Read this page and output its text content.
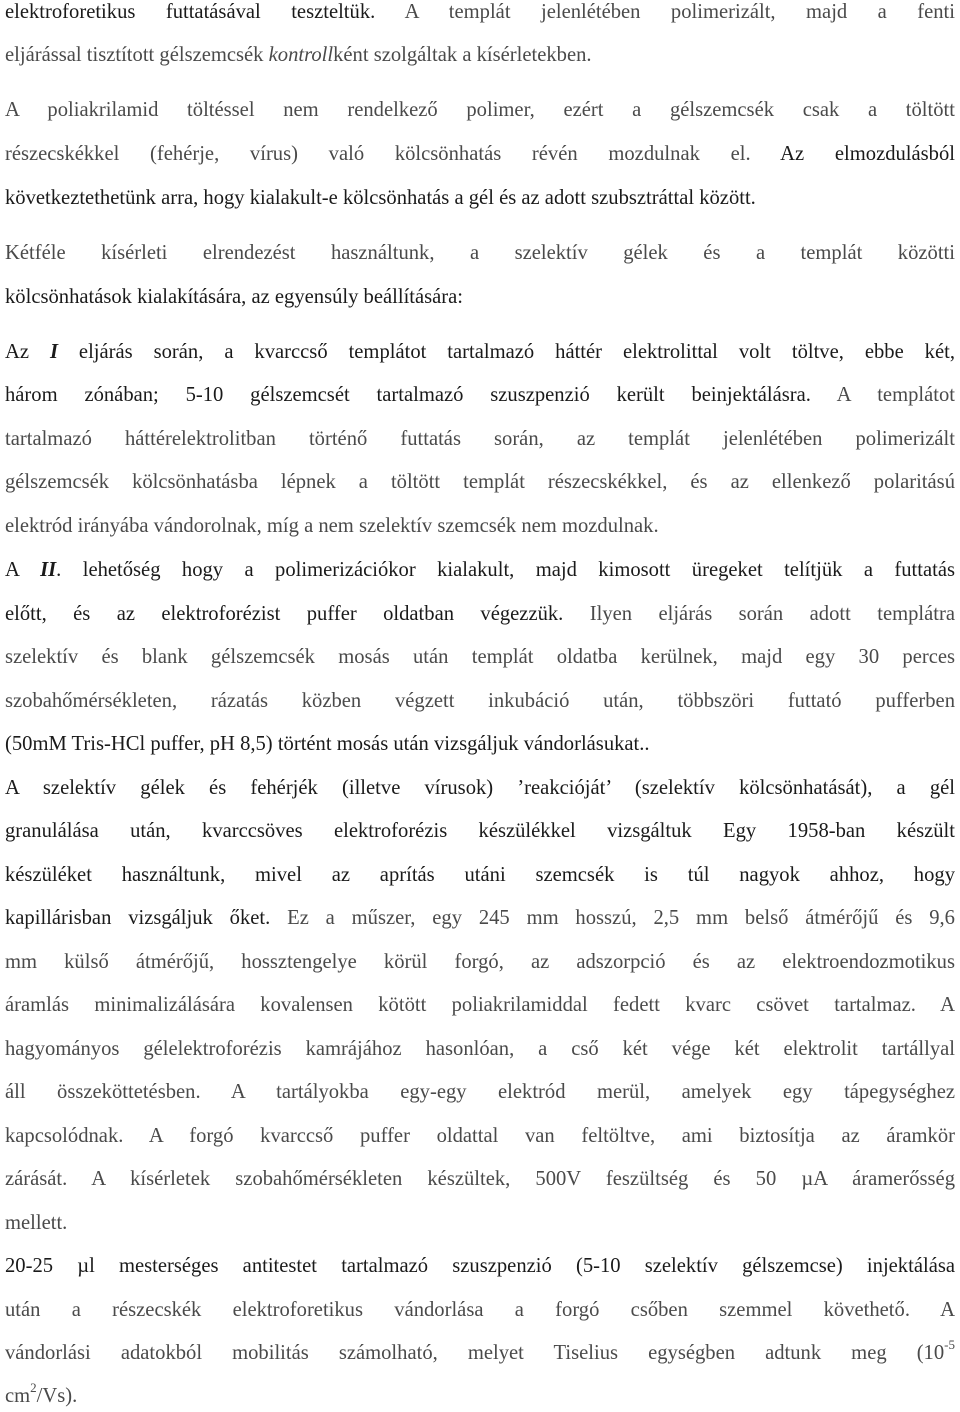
elektroforetikus futtatásával teszteltük. A templát jelenlétében polimerizált, majd a fenti
eljárással tisztított gélszemcsék kontrollként szolgáltak a kísérletekben.
A poliakrilamid töltéssel nem rendelkező polimer, ezért a gélszemcsék csak a töltött
részecskékkel (fehérje, vírus) való kölcsönhatás révén mozdulnak el. Az elmozdulásból
következtethetünk arra, hogy kialakult-e kölcsönhatás a gél és az adott szubsztráttal között.
Kétféle kísérleti elrendezést használtunk, a szelektív gélek és a templát közötti
kölcsönhatások kialakítására, az egyensúly beállítására:
Az I eljárás során, a kvarccső templátot tartalmazó háttér elektrolittal volt töltve, ebbe két,
három zónában; 5-10 gélszemcsét tartalmazó szuszpenzió került beinjektálásra. A templátot
tartalmazó háttérelektrolitban történő futtatás során, az templát jelenlétében polimerizált
gélszemcsék kölcsönhatásba lépnek a töltött templát részecskékkel, és az ellenkező polaritású
elektród irányába vándorolnak, míg a nem szelektív szemcsék nem mozdulnak.
A II. lehetőség hogy a polimerizációkor kialakult, majd kimosott üregeket telítjük a futtatás
előtt, és az elektroforézist puffer oldatban végezzük. Ilyen eljárás során adott templátra
szelektív és blank gélszemcsék mosás után templát oldatba kerülnek, majd egy 30 perces
szobahőmérsékleten, rázatás közben végzett inkubáció után, többszöri futtató pufferben
(50mM Tris-HCl puffer, pH 8,5) történt mosás után vizsgáljuk vándorlásukat..
A szelektív gélek és fehérjék (illetve vírusok) ’reakcióját’ (szelektív kölcsönhatását), a gél
granulálása után, kvarccsöves elektroforézis készülékkel vizsgáltuk Egy 1958-ban készült
készüléket használtunk, mivel az aprítás utáni szemcsék is túl nagyok ahhoz, hogy
kapillárisban vizsgáljuk őket. Ez a műszer, egy 245 mm hosszú, 2,5 mm belső átmérőjű és 9,6
mm külső átmérőjű, hossztengelye körül forgó, az adszorpció és az elektroendozmotikus
áramlás minimalizálására kovalensen kötött poliakrilamiddal fedett kvarc csövet tartalmaz. A
hagyományos gélelektroforézis kamrájához hasonlóan, a cső két vége két elektrolit tartállyal
áll összeköttetésben. A tartályokba egy-egy elektród merül, amelyek egy tápegységhez
kapcsolódnak. A forgó kvarccső puffer oldattal van feltöltve, ami biztosítja az áramkör
zárását. A kísérletek szobahőmérsékleten készültek, 500V feszültség és 50 µA áramerősség
mellett.
20-25 µl mesterséges antitestet tartalmazó szuszpenzió (5-10 szelektív gélszemcse) injektálása
után a részecskék elektroforetikus vándorlása a forgó csőben szemmel követhető. A
vándorlási adatokból mobilitás számolható, melyet Tiselius egységben adtunk meg ($10^{-5}$
$cm^2/Vs$).
